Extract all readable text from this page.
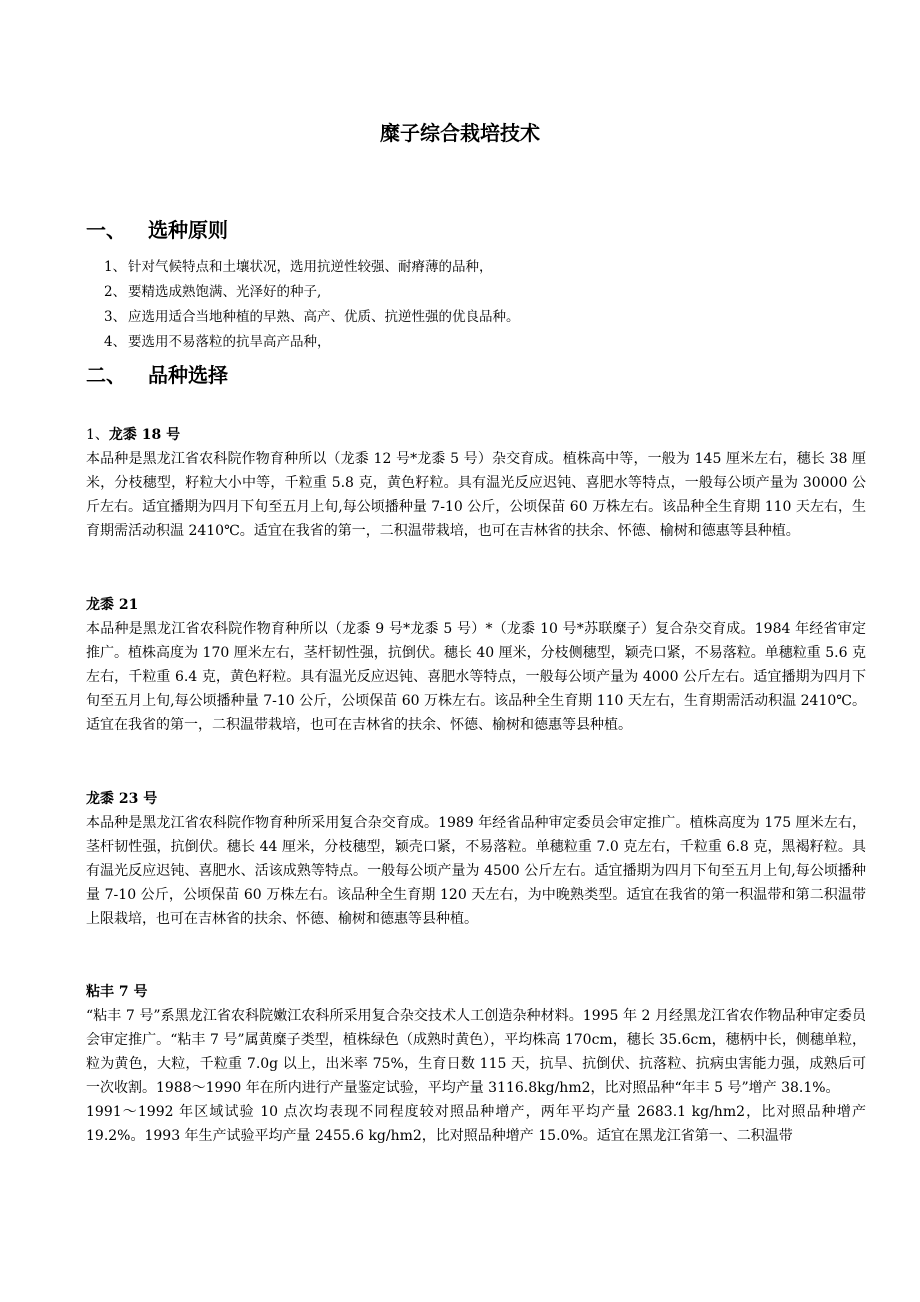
糜子综合栽培技术
一、 选种原则
1、 针对气候特点和土壤状况，选用抗逆性较强、耐瘠薄的品种，
2、 要精选成熟饱满、光泽好的种子,
3、 应选用适合当地种植的早熟、高产、优质、抗逆性强的优良品种。
4、 要选用不易落粒的抗旱高产品种，
二、 品种选择
1、龙黍 18 号

本品种是黑龙江省农科院作物育种所以（龙黍 12 号*龙黍 5 号）杂交育成。植株高中等，一般为 145 厘米左右，穗长 38 厘米，分枝穗型，籽粒大小中等，千粒重 5.8 克，黄色籽粒。具有温光反应迟钝、喜肥水等特点，一般每公顷产量为 30000 公斤左右。适宜播期为四月下旬至五月上旬,每公顷播种量 7-10 公斤，公顷保苗 60 万株左右。该品种全生育期 110 天左右，生育期需活动积温 2410℃。适宜在我省的第一，二积温带栽培，也可在吉林省的扶余、怀德、榆树和德惠等县种植。

龙黍 21

本品种是黑龙江省农科院作物育种所以（龙黍 9 号*龙黍 5 号）*（龙黍 10 号*苏联糜子）复合杂交育成。1984 年经省审定推广。植株高度为 170 厘米左右，茎杆韧性强，抗倒伏。穗长 40 厘米，分枝侧穗型，颖壳口紧，不易落粒。单穗粒重 5.6 克左右，千粒重 6.4 克，黄色籽粒。具有温光反应迟钝、喜肥水等特点，一般每公顷产量为 4000 公斤左右。适宜播期为四月下旬至五月上旬,每公顷播种量 7-10 公斤，公顷保苗 60 万株左右。该品种全生育期 110 天左右，生育期需活动积温 2410℃。适宜在我省的第一，二积温带栽培，也可在吉林省的扶余、怀德、榆树和德惠等县种植。

龙黍 23 号

本品种是黑龙江省农科院作物育种所采用复合杂交育成。1989 年经省品种审定委员会审定推广。植株高度为 175 厘米左右，茎杆韧性强，抗倒伏。穗长 44 厘米，分枝穗型，颖壳口紧，不易落粒。单穗粒重 7.0 克左右，千粒重 6.8 克，黑褐籽粒。具有温光反应迟钝、喜肥水、活该成熟等特点。一般每公顷产量为 4500 公斤左右。适宜播期为四月下旬至五月上旬,每公顷播种量 7-10 公斤，公顷保苗 60 万株左右。该品种全生育期 120 天左右，为中晚熟类型。适宜在我省的第一积温带和第二积温带上限栽培，也可在吉林省的扶余、怀德、榆树和德惠等县种植。

粘丰 7 号

“粘丰 7 号”系黑龙江省农科院嫩江农科所采用复合杂交技术人工创造杂种材料。1995 年 2 月经黑龙江省农作物品种审定委员会审定推广。“粘丰 7 号”属黄糜子类型，植株绿色（成熟时黄色），平均株高 170cm，穗长 35.6cm，穗柄中长，侧穗单粒，粒为黄色，大粒，千粒重 7.0g 以上，出米率 75%，生育日数 115 天，抗旱、抗倒伏、抗落粒、抗病虫害能力强，成熟后可一次收割。1988～1990 年在所内进行产量鉴定试验，平均产量 3116.8kg/hm2，比对照品种“年丰 5 号”增产 38.1%。

1991～1992 年区域试验 10 点次均表现不同程度较对照品种增产，两年平均产量 2683.1 kg/hm2，比对照品种增产 19.2%。1993 年生产试验平均产量 2455.6 kg/hm2，比对照品种增产 15.0%。适宜在黑龙江省第一、二积温带
